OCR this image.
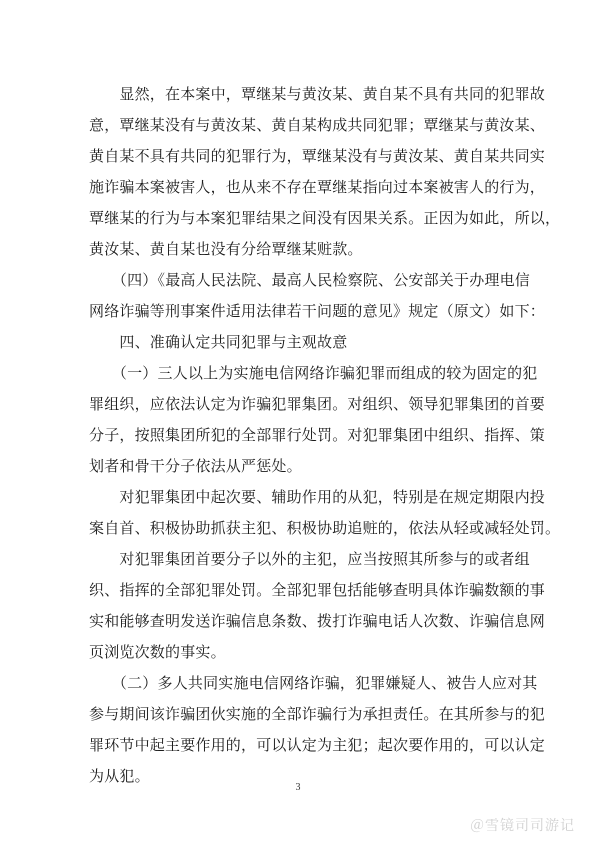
　　显然，在本案中，覃继某与黄汝某、黄自某不具有共同的犯罪故
意，覃继某没有与黄汝某、黄自某构成共同犯罪；覃继某与黄汝某、
黄自某不具有共同的犯罪行为，覃继某没有与黄汝某、黄自某共同实
施诈骗本案被害人，也从来不存在覃继某指向过本案被害人的行为，
覃继某的行为与本案犯罪结果之间没有因果关系。正因为如此，所以，
黄汝某、黄自某也没有分给覃继某赃款。
　　（四）《最高人民法院、最高人民检察院、公安部关于办理电信
网络诈骗等刑事案件适用法律若干问题的意见》规定（原文）如下：
　　四、准确认定共同犯罪与主观故意
　　（一）三人以上为实施电信网络诈骗犯罪而组成的较为固定的犯
罪组织，应依法认定为诈骗犯罪集团。对组织、领导犯罪集团的首要
分子，按照集团所犯的全部罪行处罚。对犯罪集团中组织、指挥、策
划者和骨干分子依法从严惩处。
　　对犯罪集团中起次要、辅助作用的从犯，特别是在规定期限内投
案自首、积极协助抓获主犯、积极协助追赃的，依法从轻或减轻处罚。
　　对犯罪集团首要分子以外的主犯，应当按照其所参与的或者组
织、指挥的全部犯罪处罚。全部犯罪包括能够查明具体诈骗数额的事
实和能够查明发送诈骗信息条数、拨打诈骗电话人次数、诈骗信息网
页浏览次数的事实。
　　（二）多人共同实施电信网络诈骗，犯罪嫌疑人、被告人应对其
参与期间该诈骗团伙实施的全部诈骗行为承担责任。在其所参与的犯
罪环节中起主要作用的，可以认定为主犯；起次要作用的，可以认定
为从犯。
3
＠雪镜司司游记
